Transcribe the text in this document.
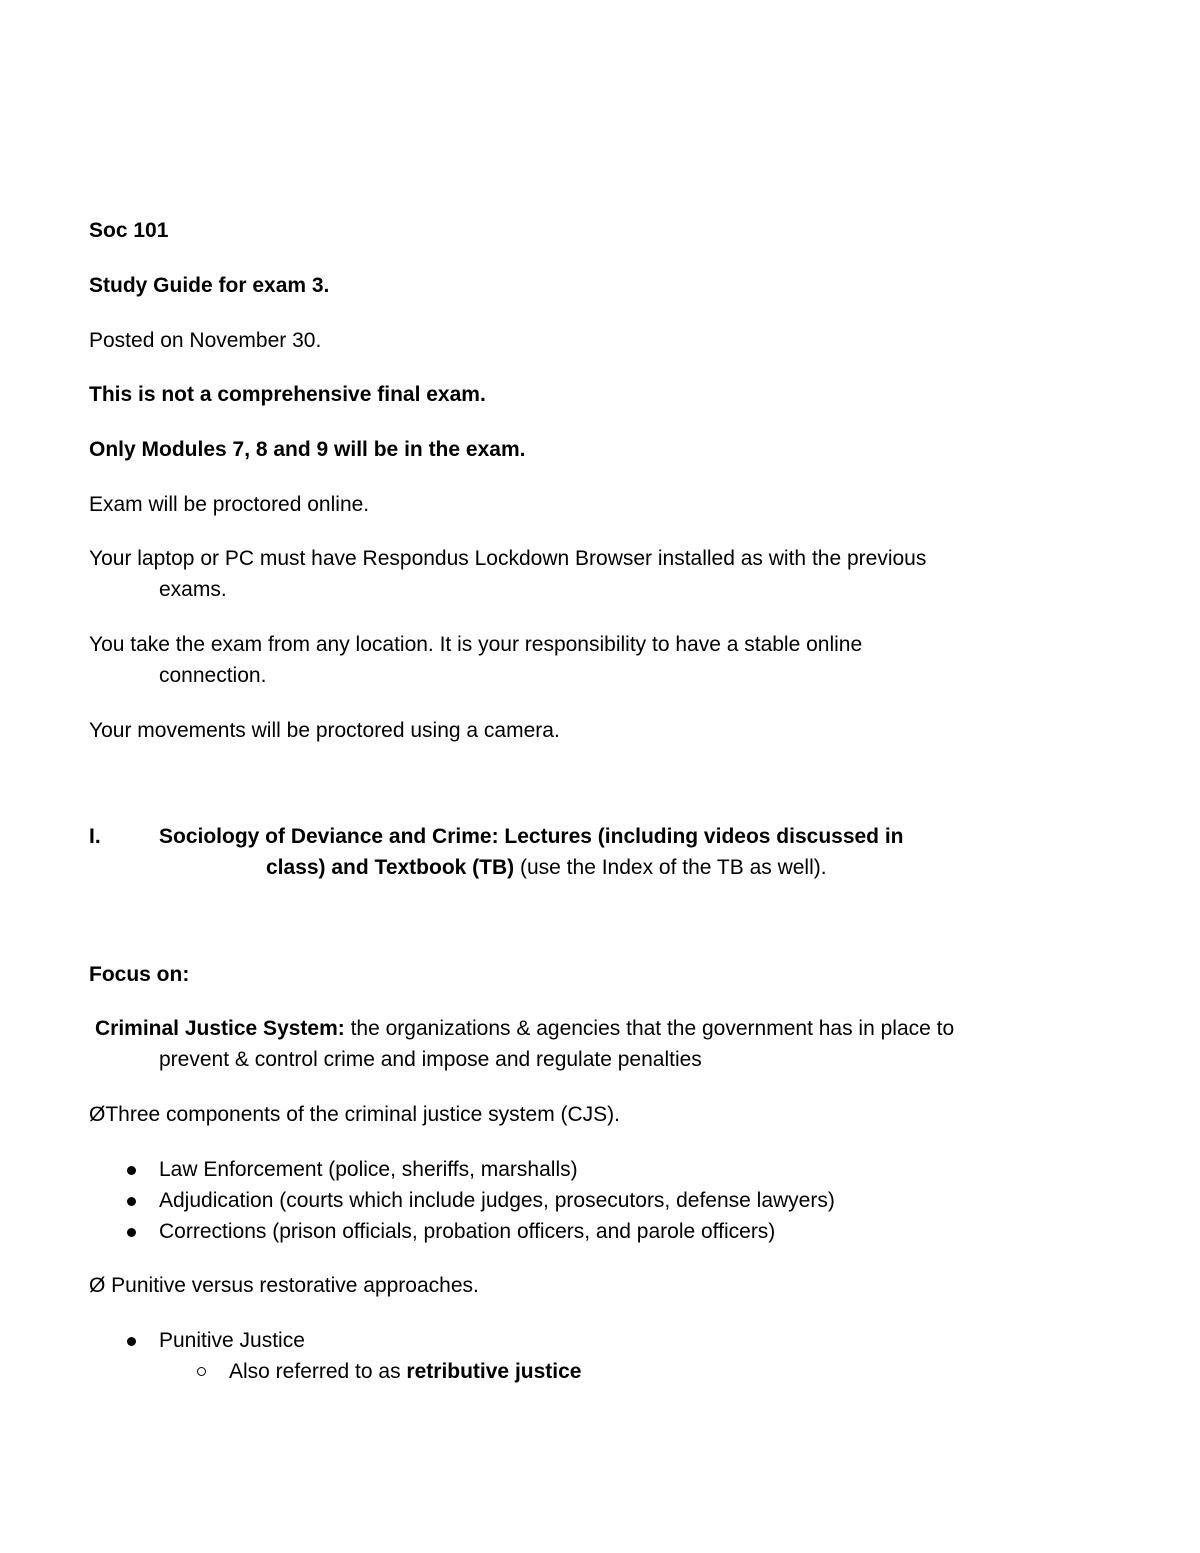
Soc 101
Study Guide for exam 3.
Posted on November 30.
This is not a comprehensive final exam.
Only Modules 7, 8 and 9 will be in the exam.
Exam will be proctored online.
Your laptop or PC must have Respondus Lockdown Browser installed as with the previous
exams.
You take the exam from any location. It is your responsibility to have a stable online
connection.
Your movements will be proctored using a camera.
I.	Sociology of Deviance and Crime: Lectures (including videos discussed in
class) and Textbook (TB) (use the Index of the TB as well).
Focus on:
Criminal Justice System: the organizations & agencies that the government has in place to
prevent & control crime and impose and regulate penalties
ØThree components of the criminal justice system (CJS).
Law Enforcement (police, sheriffs, marshalls)
Adjudication (courts which include judges, prosecutors, defense lawyers)
Corrections (prison officials, probation officers, and parole officers)
Ø Punitive versus restorative approaches.
Punitive Justice
Also referred to as retributive justice
